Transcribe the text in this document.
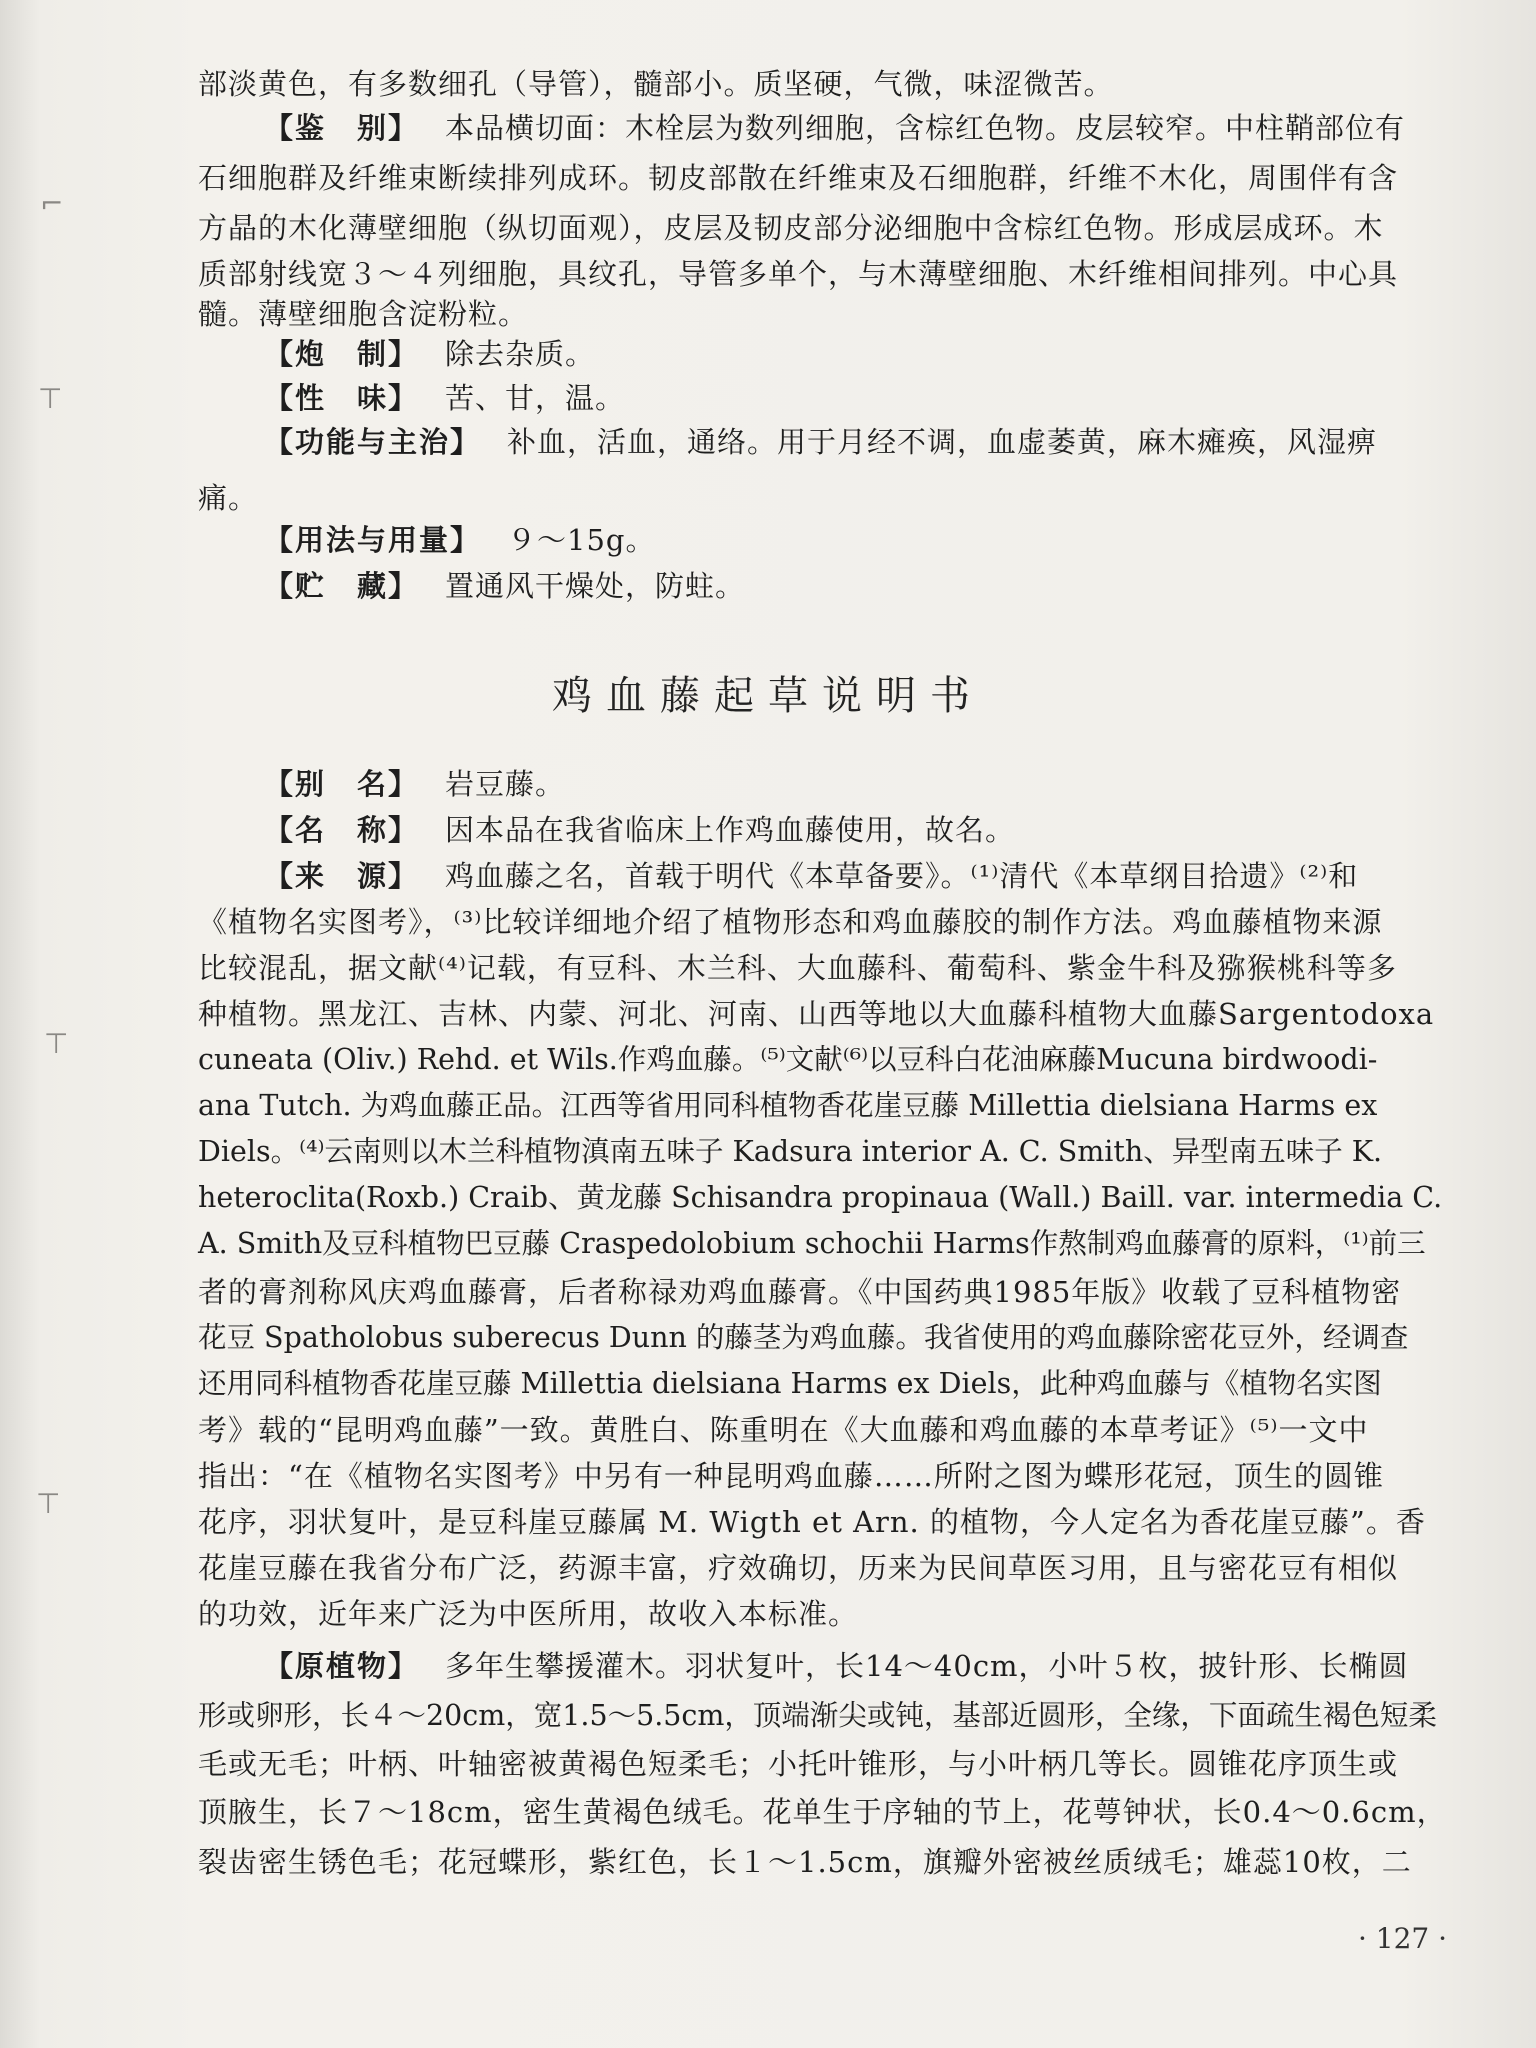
⌐
⊤
⊤
⊤
部淡黄色，有多数细孔（导管），髓部小。质坚硬，气微，味涩微苦。
【鉴　别】 本品横切面：木栓层为数列细胞，含棕红色物。皮层较窄。中柱鞘部位有
石细胞群及纤维束断续排列成环。韧皮部散在纤维束及石细胞群，纤维不木化，周围伴有含
方晶的木化薄壁细胞（纵切面观），皮层及韧皮部分泌细胞中含棕红色物。形成层成环。木
质部射线宽３～４列细胞，具纹孔，导管多单个，与木薄壁细胞、木纤维相间排列。中心具
髓。薄壁细胞含淀粉粒。
【炮　制】 除去杂质。
【性　味】 苦、甘，温。
【功能与主治】 补血，活血，通络。用于月经不调，血虚萎黄，麻木瘫痪，风湿痹
痛。
【用法与用量】 ９～15g。
【贮　藏】 置通风干燥处，防蛀。
鸡血藤起草说明书
【别　名】 岩豆藤。
【名　称】 因本品在我省临床上作鸡血藤使用，故名。
【来　源】 鸡血藤之名，首载于明代《本草备要》。⁽¹⁾清代《本草纲目拾遗》⁽²⁾和
《植物名实图考》，⁽³⁾比较详细地介绍了植物形态和鸡血藤胶的制作方法。鸡血藤植物来源
比较混乱，据文献⁽⁴⁾记载，有豆科、木兰科、大血藤科、葡萄科、紫金牛科及猕猴桃科等多
种植物。黑龙江、吉林、内蒙、河北、河南、山西等地以大血藤科植物大血藤Sargentodoxa
cuneata (Oliv.) Rehd. et Wils.作鸡血藤。⁽⁵⁾文献⁽⁶⁾以豆科白花油麻藤Mucuna birdwoodi-
ana Tutch. 为鸡血藤正品。江西等省用同科植物香花崖豆藤 Millettia dielsiana Harms ex
Diels。⁽⁴⁾云南则以木兰科植物滇南五味子 Kadsura interior A. C. Smith、异型南五味子 K.
heteroclita(Roxb.) Craib、黄龙藤 Schisandra propinaua (Wall.) Baill. var. intermedia C.
A. Smith及豆科植物巴豆藤 Craspedolobium schochii Harms作熬制鸡血藤膏的原料，⁽¹⁾前三
者的膏剂称风庆鸡血藤膏，后者称禄劝鸡血藤膏。《中国药典1985年版》收载了豆科植物密
花豆 Spatholobus suberecus Dunn 的藤茎为鸡血藤。我省使用的鸡血藤除密花豆外，经调查
还用同科植物香花崖豆藤 Millettia dielsiana Harms ex Diels，此种鸡血藤与《植物名实图
考》载的“昆明鸡血藤”一致。黄胜白、陈重明在《大血藤和鸡血藤的本草考证》⁽⁵⁾一文中
指出：“在《植物名实图考》中另有一种昆明鸡血藤……所附之图为蝶形花冠，顶生的圆锥
花序，羽状复叶，是豆科崖豆藤属 M. Wigth et Arn. 的植物，今人定名为香花崖豆藤”。香
花崖豆藤在我省分布广泛，药源丰富，疗效确切，历来为民间草医习用，且与密花豆有相似
的功效，近年来广泛为中医所用，故收入本标准。
【原植物】 多年生攀援灌木。羽状复叶，长14～40cm，小叶５枚，披针形、长椭圆
形或卵形，长４～20cm，宽1.5～5.5cm，顶端渐尖或钝，基部近圆形，全缘，下面疏生褐色短柔
毛或无毛；叶柄、叶轴密被黄褐色短柔毛；小托叶锥形，与小叶柄几等长。圆锥花序顶生或
顶腋生，长７～18cm，密生黄褐色绒毛。花单生于序轴的节上，花萼钟状，长0.4～0.6cm，
裂齿密生锈色毛；花冠蝶形，紫红色，长１～1.5cm，旗瓣外密被丝质绒毛；雄蕊10枚，二
· 127 ·
